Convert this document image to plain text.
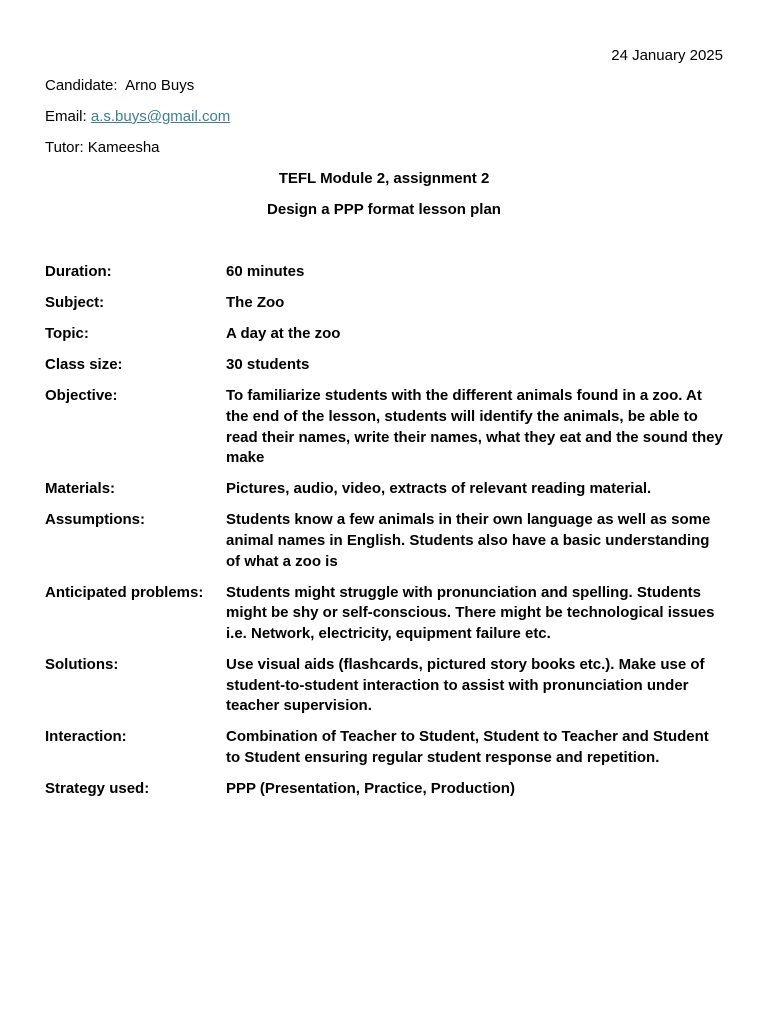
24 January 2025
Candidate: Arno Buys
Email: a.s.buys@gmail.com
Tutor: Kameesha
TEFL Module 2, assignment 2
Design a PPP format lesson plan
Duration:	60 minutes
Subject:	The Zoo
Topic:	A day at the zoo
Class size:	30 students
Objective:	To familiarize students with the different animals found in a zoo. At the end of the lesson, students will identify the animals, be able to read their names, write their names, what they eat and the sound they make
Materials:	Pictures, audio, video, extracts of relevant reading material.
Assumptions:	Students know a few animals in their own language as well as some animal names in English. Students also have a basic understanding of what a zoo is
Anticipated problems:	Students might struggle with pronunciation and spelling. Students might be shy or self-conscious. There might be technological issues i.e. Network, electricity, equipment failure etc.
Solutions:	Use visual aids (flashcards, pictured story books etc.). Make use of student-to-student interaction to assist with pronunciation under teacher supervision.
Interaction:	Combination of Teacher to Student, Student to Teacher and Student to Student ensuring regular student response and repetition.
Strategy used:	PPP (Presentation, Practice, Production)
